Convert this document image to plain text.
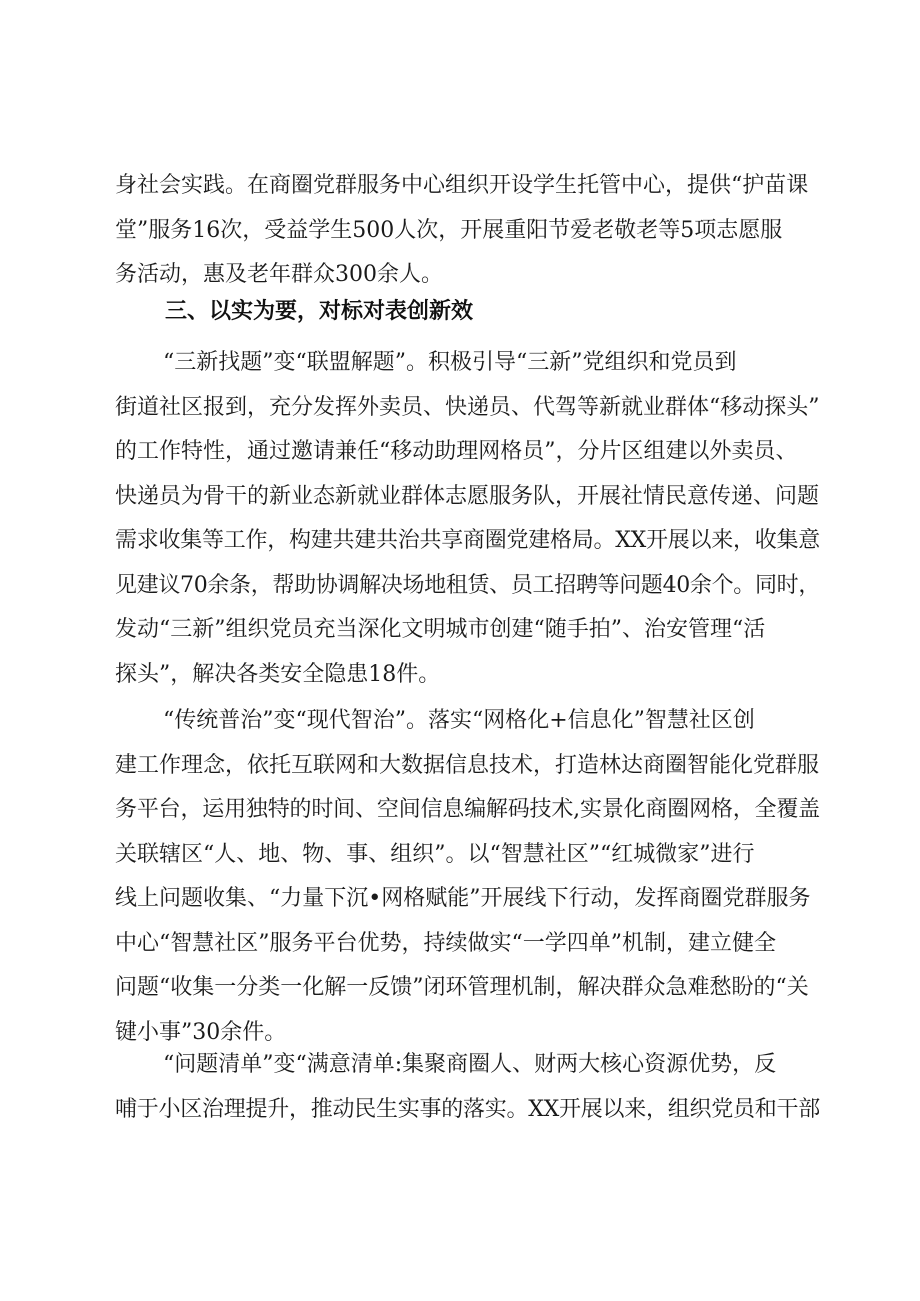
身社会实践。在商圈党群服务中心组织开设学生托管中心，提供“护苗课
堂”服务16次，受益学生500人次，开展重阳节爱老敬老等5项志愿服
务活动，惠及老年群众300余人。
三、以实为要，对标对表创新效
“三新找题”变“联盟解题”。积极引导“三新”党组织和党员到
街道社区报到，充分发挥外卖员、快递员、代驾等新就业群体“移动探头”
的工作特性，通过邀请兼任“移动助理网格员”，分片区组建以外卖员、
快递员为骨干的新业态新就业群体志愿服务队，开展社情民意传递、问题
需求收集等工作，构建共建共治共享商圈党建格局。XX开展以来，收集意
见建议70余条，帮助协调解决场地租赁、员工招聘等问题40余个。同时，
发动“三新”组织党员充当深化文明城市创建“随手拍”、治安管理“活
探头”，解决各类安全隐患18件。
“传统普治”变“现代智治”。落实“网格化+信息化”智慧社区创
建工作理念，依托互联网和大数据信息技术，打造林达商圈智能化党群服
务平台，运用独特的时间、空间信息编解码技术,实景化商圈网格，全覆盖
关联辖区“人、地、物、事、组织”。以“智慧社区”“红城微家”进行
线上问题收集、“力量下沉•网格赋能”开展线下行动，发挥商圈党群服务
中心“智慧社区”服务平台优势，持续做实“一学四单”机制，建立健全
问题“收集一分类一化解一反馈”闭环管理机制，解决群众急难愁盼的“关
键小事”30余件。
“问题清单”变“满意清单:集聚商圈人、财两大核心资源优势，反
哺于小区治理提升，推动民生实事的落实。XX开展以来，组织党员和干部
